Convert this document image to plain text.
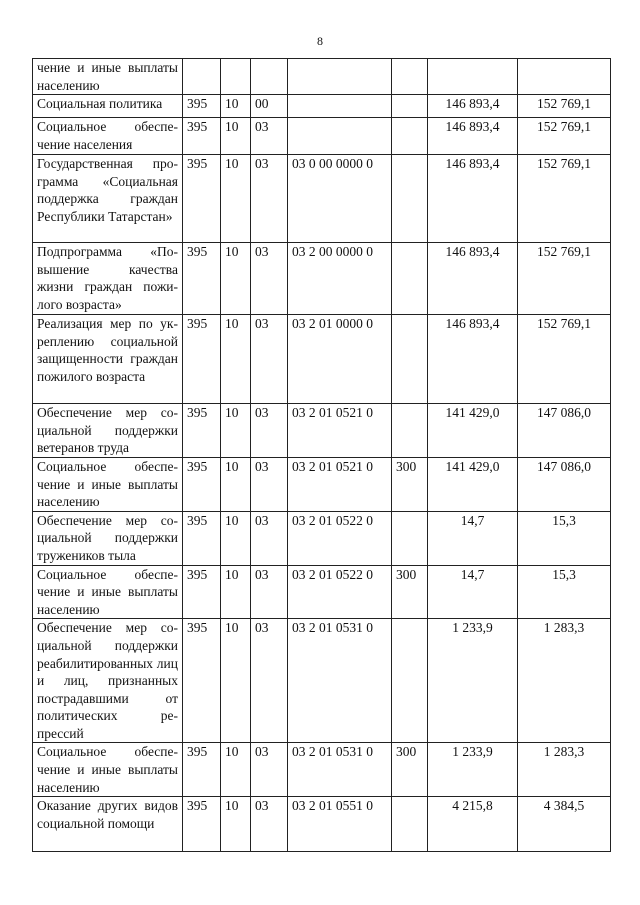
8
чение и иные выплаты населению							
Социальная политика	395	10	00			146 893,4	152 769,1
Социальное обеспечение населения	395	10	03			146 893,4	152 769,1
Государственная программа «Социальная поддержка граждан Республики Татарстан»	395	10	03	03 0 00 0000 0		146 893,4	152 769,1
Подпрограмма «Повышение качества жизни граждан пожилого возраста»	395	10	03	03 2 00 0000 0		146 893,4	152 769,1
Реализация мер по укреплению социальной защищенности граждан пожилого возраста	395	10	03	03 2 01 0000 0		146 893,4	152 769,1
Обеспечение мер социальной поддержки ветеранов труда	395	10	03	03 2 01 0521 0		141 429,0	147 086,0
Социальное обеспечение и иные выплаты населению	395	10	03	03 2 01 0521 0	300	141 429,0	147 086,0
Обеспечение мер социальной поддержки тружеников тыла	395	10	03	03 2 01 0522 0		14,7	15,3
Социальное обеспечение и иные выплаты населению	395	10	03	03 2 01 0522 0	300	14,7	15,3
Обеспечение мер социальной поддержки реабилитированных лиц и лиц, признанных пострадавшими от политических репрессий	395	10	03	03 2 01 0531 0		1 233,9	1 283,3
Социальное обеспечение и иные выплаты населению	395	10	03	03 2 01 0531 0	300	1 233,9	1 283,3
Оказание других видов социальной помощи	395	10	03	03 2 01 0551 0		4 215,8	4 384,5
